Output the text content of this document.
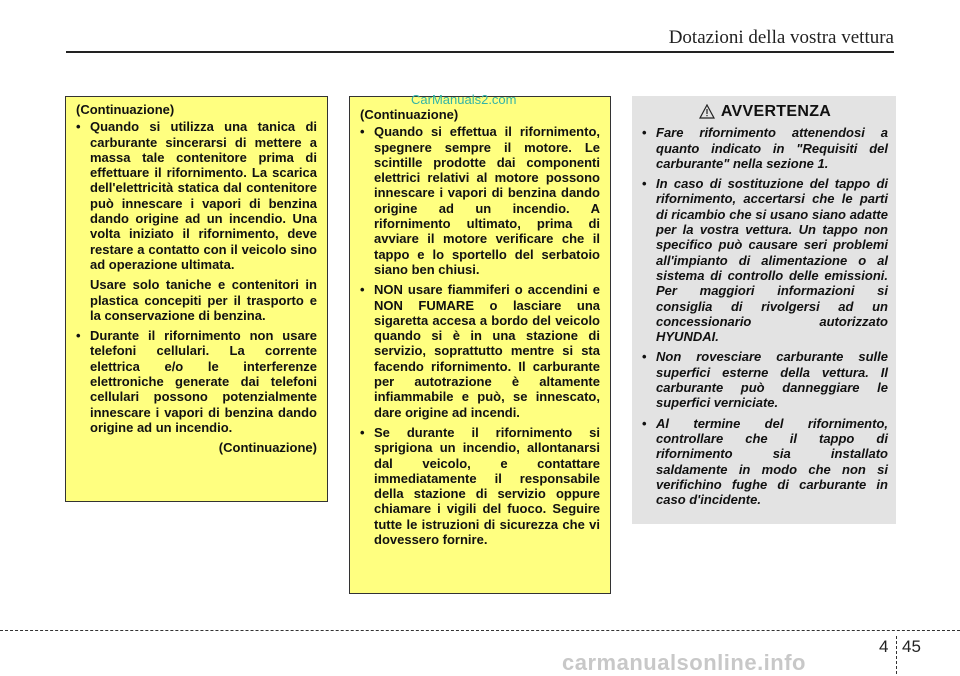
Dotazioni della vostra vettura
(Continuazione)
• Quando si utilizza una tanica di carburante sincerarsi di mettere a massa tale contenitore prima di effettuare il rifornimento. La scarica dell'elettricità statica dal contenitore può innescare i vapori di benzina dando origine ad un incendio. Una volta iniziato il rifornimento, deve restare a contatto con il veicolo sino ad operazione ultimata.
Usare solo taniche e contenitori in plastica concepiti per il trasporto e la conservazione di benzina.
• Durante il rifornimento non usare telefoni cellulari. La corrente elettrica e/o le interferenze elettroniche generate dai telefoni cellulari possono potenzialmente innescare i vapori di benzina dando origine ad un incendio.
(Continuazione)
(Continuazione)
• Quando si effettua il rifornimento, spegnere sempre il motore. Le scintille prodotte dai componenti elettrici relativi al motore possono innescare i vapori di benzina dando origine ad un incendio. A rifornimento ultimato, prima di avviare il motore verificare che il tappo e lo sportello del serbatoio siano ben chiusi.
• NON usare fiammiferi o accendini e NON FUMARE o lasciare una sigaretta accesa a bordo del veicolo quando si è in una stazione di servizio, soprattutto mentre si sta facendo rifornimento. Il carburante per autotrazione è altamente infiammabile e può, se innescato, dare origine ad incendi.
• Se durante il rifornimento si sprigiona un incendio, allontanarsi dal veicolo, e contattare immediatamente il responsabile della stazione di servizio oppure chiamare i vigili del fuoco. Seguire tutte le istruzioni di sicurezza che vi dovessero fornire.
CarManuals2.com
AVVERTENZA
• Fare rifornimento attenendosi a quanto indicato in "Requisiti del carburante" nella sezione 1.
• In caso di sostituzione del tappo di rifornimento, accertarsi che le parti di ricambio che si usano siano adatte per la vostra vettura. Un tappo non specifico può causare seri problemi all'impianto di alimentazione o al sistema di controllo delle emissioni. Per maggiori informazioni si consiglia di rivolgersi ad un concessionario autorizzato HYUNDAI.
• Non rovesciare carburante sulle superfici esterne della vettura. Il carburante può danneggiare le superfici verniciate.
• Al termine del rifornimento, controllare che il tappo di rifornimento sia installato saldamente in modo che non si verifichino fughe di carburante in caso d'incidente.
4 45
carmanualsonline.info
